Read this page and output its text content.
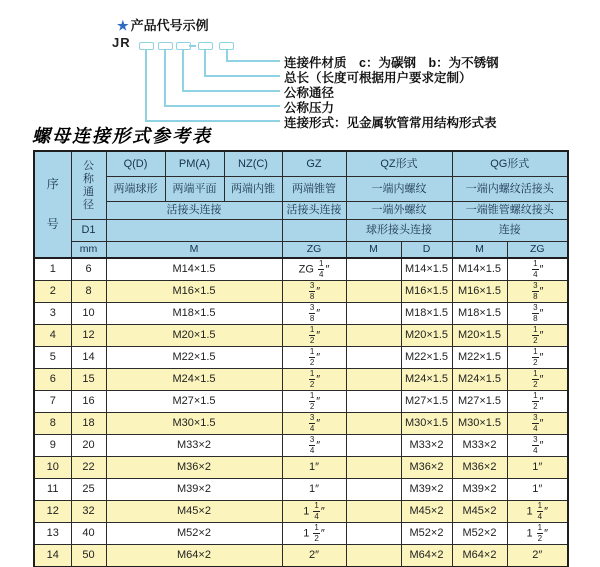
★ 产品代号示例
JR
连接件材质　c：为碳钢　b：为不锈钢
总长（长度可根据用户要求定制）
公称通径
公称压力
连接形式：见金属软管常用结构形式表
螺母连接形式参考表
序
号	公
称
通
径	Q(D)	PM(A)	NZ(C)	GZ	QZ形式		QG形式	
		两端球形	两端平面	两端内锥	两端锥管	一端内螺纹		一端内螺纹活接头	
		活接头连接			活接头连接	一端外螺纹		一端锥管螺纹接头	
	D1					球形接头连接		连接	
	mm	M			ZG	M	D	M	ZG
1	6	M14×1.5			ZG $\frac{1}{4}$ ″		M14×1.5	M14×1.5	$\frac{1}{4}$ ″
2	8	M16×1.5			$\frac{3}{8}$ ″		M16×1.5	M16×1.5	$\frac{3}{8}$ ″
3	10	M18×1.5			$\frac{3}{8}$ ″		M18×1.5	M18×1.5	$\frac{3}{8}$ ″
4	12	M20×1.5			$\frac{1}{2}$ ″		M20×1.5	M20×1.5	$\frac{1}{2}$ ″
5	14	M22×1.5			$\frac{1}{2}$ ″		M22×1.5	M22×1.5	$\frac{1}{2}$ ″
6	15	M24×1.5			$\frac{1}{2}$ ″		M24×1.5	M24×1.5	$\frac{1}{2}$ ″
7	16	M27×1.5			$\frac{1}{2}$ ″		M27×1.5	M27×1.5	$\frac{1}{2}$ ″
8	18	M30×1.5			$\frac{3}{4}$ ″		M30×1.5	M30×1.5	$\frac{3}{4}$ ″
9	20	M33×2			$\frac{3}{4}$ ″		M33×2	M33×2	$\frac{3}{4}$ ″
10	22	M36×2			1″		M36×2	M36×2	1″
11	25	M39×2			1″		M39×2	M39×2	1″
12	32	M45×2			$1 \frac{1}{4}$ ″		M45×2	M45×2	$1 \frac{1}{4}$ ″
13	40	M52×2			$1 \frac{1}{2}$ ″		M52×2	M52×2	$1 \frac{1}{2}$ ″
14	50	M64×2			2″		M64×2	M64×2	2″
